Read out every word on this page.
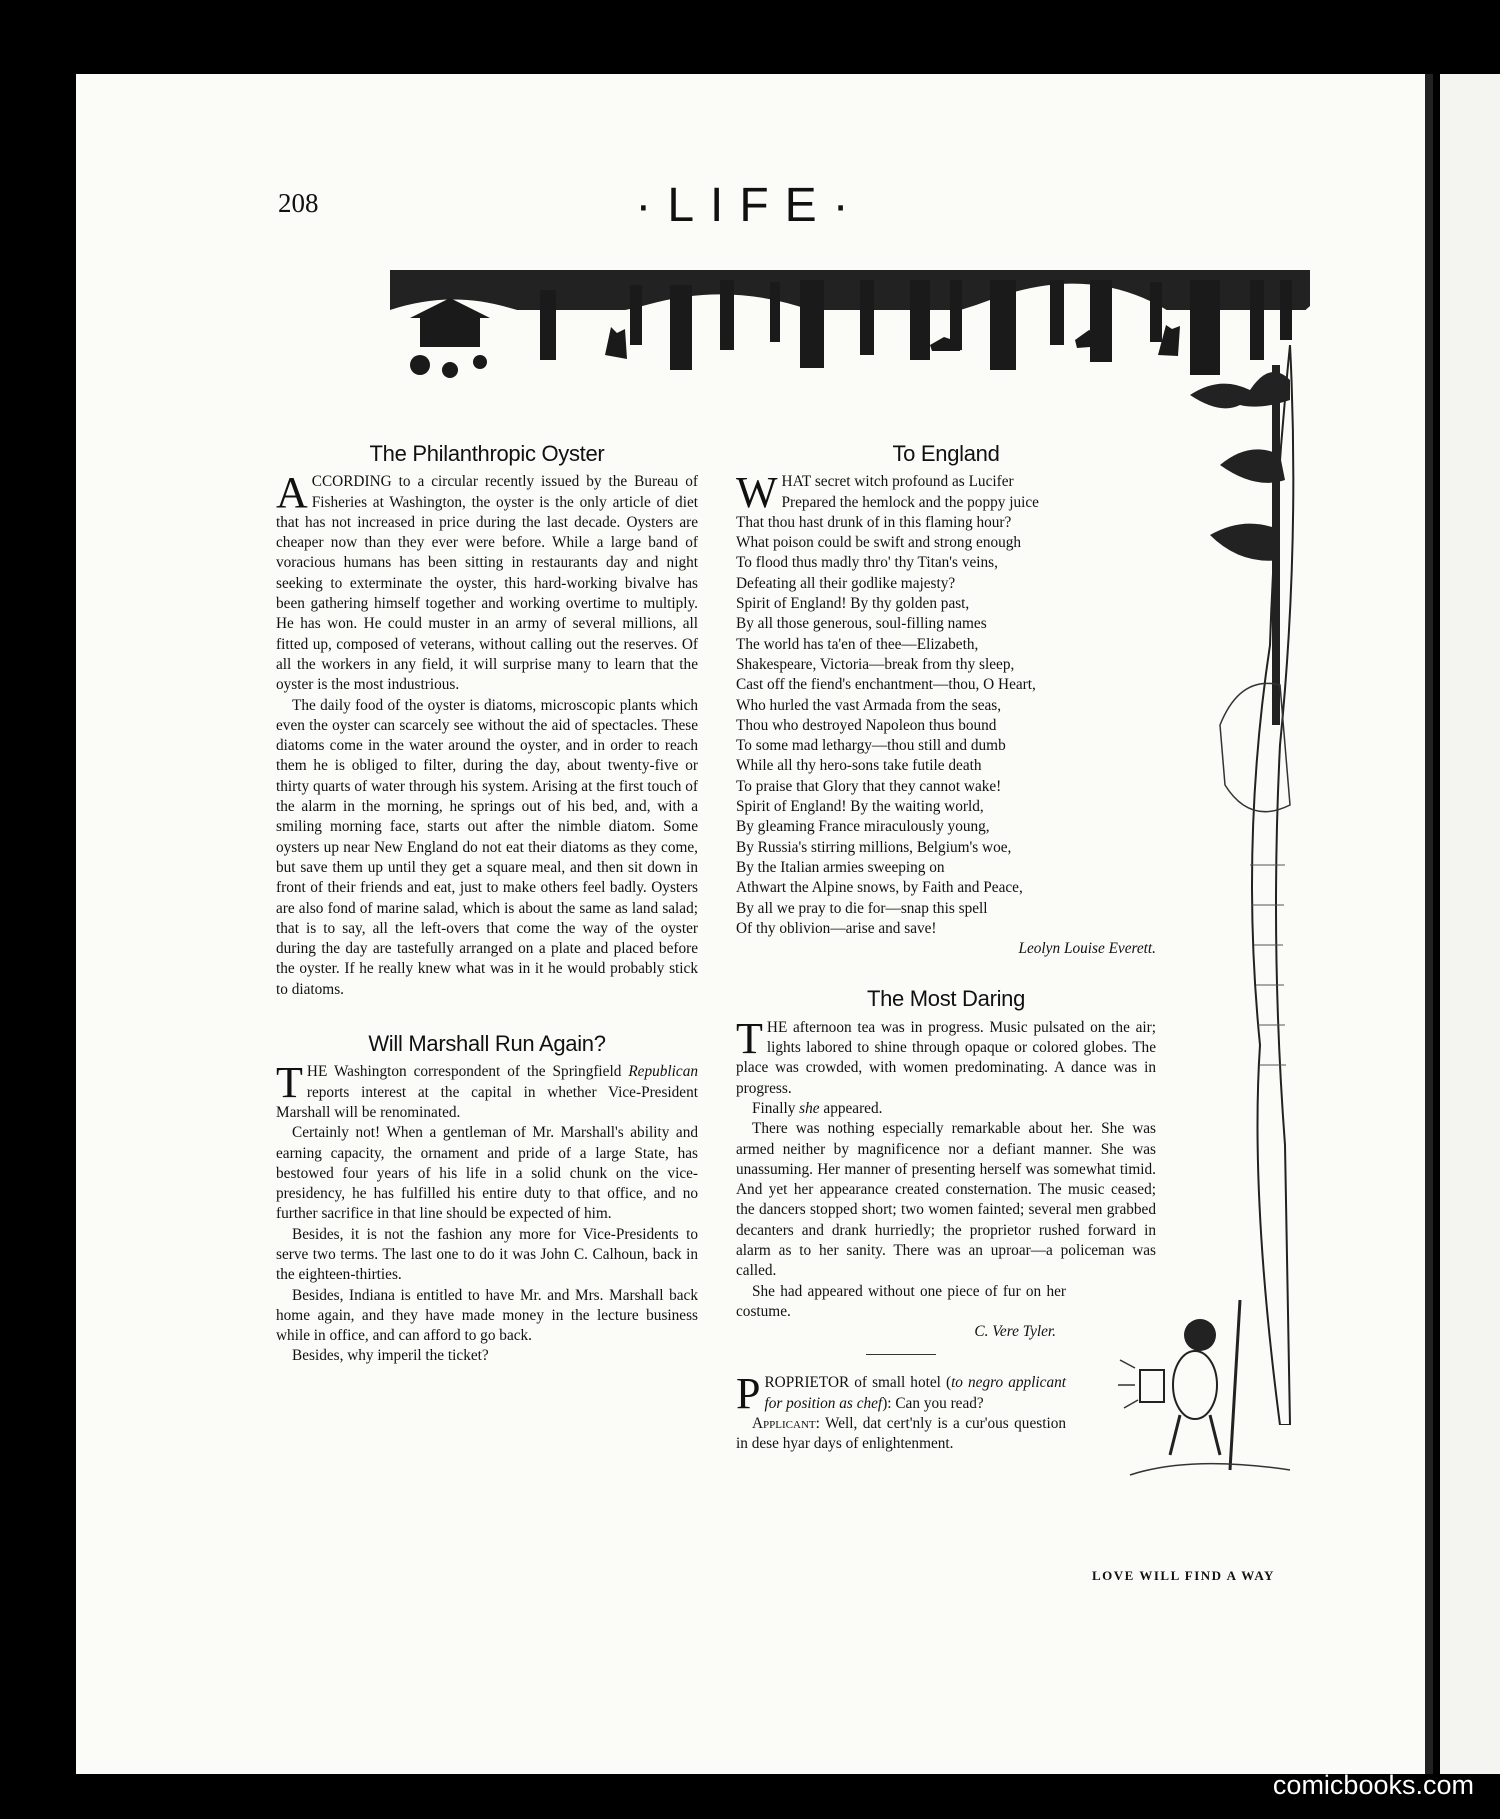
208	·LIFE·
The Philanthropic Oyster

ACCORDING to a circular recently issued by the Bureau of Fisheries at Washington, the oyster is the only article of diet that has not increased in price during the last decade. Oysters are cheaper now than they ever were before. While a large band of voracious humans has been sitting in restaurants day and night seeking to exterminate the oyster, this hard-working bivalve has been gathering himself together and working overtime to multiply. He has won. He could muster in an army of several millions, all fitted up, composed of veterans, without calling out the reserves. Of all the workers in any field, it will surprise many to learn that the oyster is the most industrious.

The daily food of the oyster is diatoms, microscopic plants which even the oyster can scarcely see without the aid of spectacles. These diatoms come in the water around the oyster, and in order to reach them he is obliged to filter, during the day, about twenty-five or thirty quarts of water through his system. Arising at the first touch of the alarm in the morning, he springs out of his bed, and, with a smiling morning face, starts out after the nimble diatom. Some oysters up near New England do not eat their diatoms as they come, but save them up until they get a square meal, and then sit down in front of their friends and eat, just to make others feel badly. Oysters are also fond of marine salad, which is about the same as land salad; that is to say, all the left-overs that come the way of the oyster during the day are tastefully arranged on a plate and placed before the oyster. If he really knew what was in it he would probably stick to diatoms.

Will Marshall Run Again?

THE Washington correspondent of the Springfield Republican reports interest at the capital in whether Vice-President Marshall will be renominated.

Certainly not! When a gentleman of Mr. Marshall's ability and earning capacity, the ornament and pride of a large State, has bestowed four years of his life in a solid chunk on the vice-presidency, he has fulfilled his entire duty to that office, and no further sacrifice in that line should be expected of him.

Besides, it is not the fashion any more for Vice-Presidents to serve two terms. The last one to do it was John C. Calhoun, back in the eighteen-thirties.

Besides, Indiana is entitled to have Mr. and Mrs. Marshall back home again, and they have made money in the lecture business while in office, and can afford to go back.

Besides, why imperil the ticket?

To England
W HAT secret witch profound as Lucifer
Prepared the hemlock and the poppy juice
That thou hast drunk of in this flaming hour?
What poison could be swift and strong enough
To flood thus madly thro' thy Titan's veins,
Defeating all their godlike majesty?
Spirit of England! By thy golden past,
By all those generous, soul-filling names
The world has ta'en of thee—Elizabeth,
Shakespeare, Victoria—break from thy sleep,
Cast off the fiend's enchantment—thou, O Heart,
Who hurled the vast Armada from the seas,
Thou who destroyed Napoleon thus bound
To some mad lethargy—thou still and dumb
While all thy hero-sons take futile death
To praise that Glory that they cannot wake!
Spirit of England! By the waiting world,
By gleaming France miraculously young,
By Russia's stirring millions, Belgium's woe,
By the Italian armies sweeping on
Athwart the Alpine snows, by Faith and Peace,
By all we pray to die for—snap this spell
Of thy oblivion—arise and save!
Leolyn Louise Everett.
The Most Daring

THE afternoon tea was in progress. Music pulsated on the air; lights labored to shine through opaque or colored globes. The place was crowded, with women predominating. A dance was in progress.

Finally she appeared.

There was nothing especially remarkable about her. She was armed neither by magnificence nor a defiant manner. She was unassuming. Her manner of presenting herself was somewhat timid. And yet her appearance created consternation. The music ceased; the dancers stopped short; two women fainted; several men grabbed decanters and drank hurriedly; the proprietor rushed forward in alarm as to her sanity. There was an uproar—a policeman was called.

She had appeared without one piece of fur on her costume.

C. Vere Tyler.

PROPRIETOR of small hotel (to negro applicant for position as chef): Can you read?

Applicant: Well, dat cert'nly is a cur'ous question in dese hyar days of enlightenment.

LOVE WILL FIND A WAY
comicbooks.com
